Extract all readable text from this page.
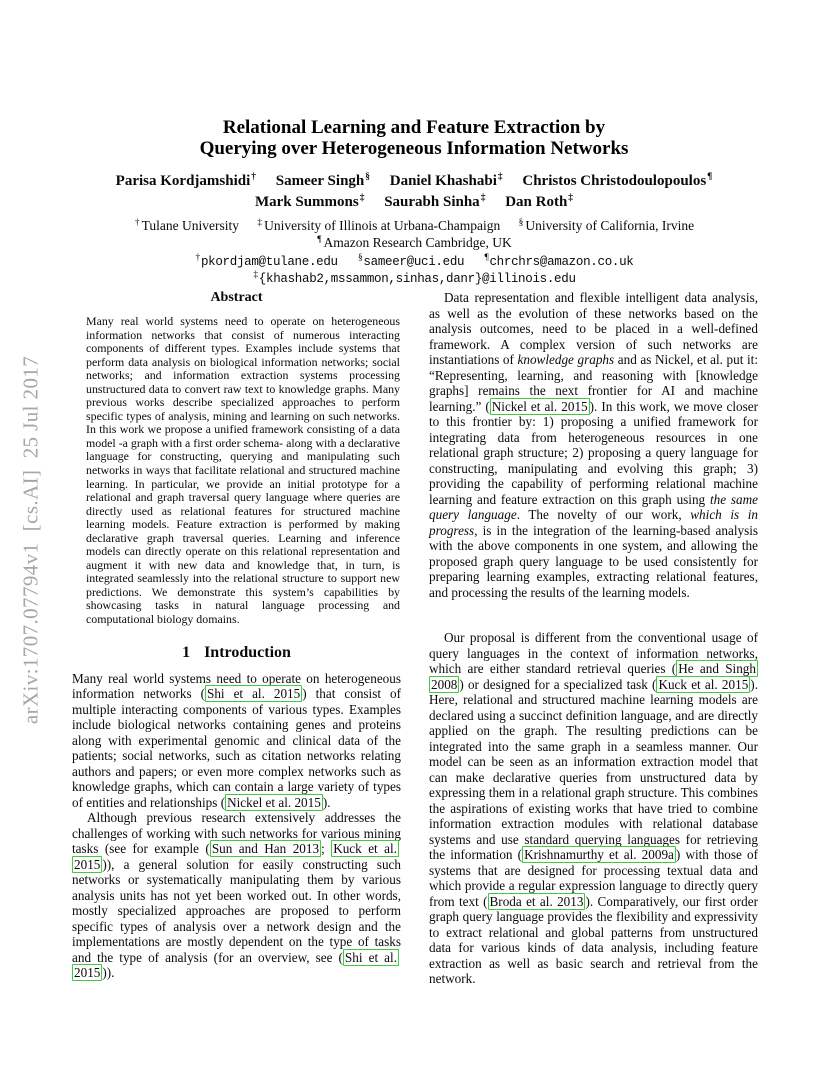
arXiv:1707.07794v1  [cs.AI]  25 Jul 2017
Relational Learning and Feature Extraction by
Querying over Heterogeneous Information Networks
Parisa Kordjamshidi† Sameer Singh§ Daniel Khashabi‡ Christos Christodoulopoulos¶
Mark Summons‡ Saurabh Sinha‡ Dan Roth‡
† Tulane University ‡ University of Illinois at Urbana-Champaign § University of California, Irvine
¶ Amazon Research Cambridge, UK
†pkordjam@tulane.edu §sameer@uci.edu ¶chrchrs@amazon.co.uk
‡{khashab2,mssammon,sinhas,danr}@illinois.edu
Abstract

Many real world systems need to operate on heterogeneous information networks that consist of numerous interacting components of different types. Examples include systems that perform data analysis on biological information networks; social networks; and information extraction systems processing unstructured data to convert raw text to knowledge graphs. Many previous works describe specialized approaches to perform specific types of analysis, mining and learning on such networks. In this work we propose a unified framework consisting of a data model -a graph with a first order schema- along with a declarative language for constructing, querying and manipulating such networks in ways that facilitate relational and structured machine learning. In particular, we provide an initial prototype for a relational and graph traversal query language where queries are directly used as relational features for structured machine learning models. Feature extraction is performed by making declarative graph traversal queries. Learning and inference models can directly operate on this relational representation and augment it with new data and knowledge that, in turn, is integrated seamlessly into the relational structure to support new predictions. We demonstrate this system’s capabilities by showcasing tasks in natural language processing and computational biology domains.

1 Introduction

Many real world systems need to operate on heterogeneous information networks ( Shi et al. 2015 ) that consist of multiple interacting components of various types. Examples include biological networks containing genes and proteins along with experimental genomic and clinical data of the patients; social networks, such as citation networks relating authors and papers; or even more complex networks such as knowledge graphs, which can contain a large variety of types of entities and relationships ( Nickel et al. 2015 ).

Although previous research extensively addresses the challenges of working with such networks for various mining tasks (see for example ( Sun and Han 2013 ; Kuck et al. 2015 )), a general solution for easily constructing such networks or systematically manipulating them by various analysis units has not yet been worked out. In other words, mostly specialized approaches are proposed to perform specific types of analysis over a network design and the implementations are mostly dependent on the type of tasks and the type of analysis (for an overview, see ( Shi et al. 2015 )).

Data representation and flexible intelligent data analysis, as well as the evolution of these networks based on the analysis outcomes, need to be placed in a well-defined framework. A complex version of such networks are instantiations of knowledge graphs and as Nickel, et al. put it: “Representing, learning, and reasoning with [knowledge graphs] remains the next frontier for AI and machine learning.” ( Nickel et al. 2015 ). In this work, we move closer to this frontier by: 1) proposing a unified framework for integrating data from heterogeneous resources in one relational graph structure; 2) proposing a query language for constructing, manipulating and evolving this graph; 3) providing the capability of performing relational machine learning and feature extraction on this graph using the same query language. The novelty of our work, which is in progress, is in the integration of the learning-based analysis with the above components in one system, and allowing the proposed graph query language to be used consistently for preparing learning examples, extracting relational features, and processing the results of the learning models.

Our proposal is different from the conventional usage of query languages in the context of information networks, which are either standard retrieval queries ( He and Singh 2008 ) or designed for a specialized task ( Kuck et al. 2015 ). Here, relational and structured machine learning models are declared using a succinct definition language, and are directly applied on the graph. The resulting predictions can be integrated into the same graph in a seamless manner. Our model can be seen as an information extraction model that can make declarative queries from unstructured data by expressing them in a relational graph structure. This combines the aspirations of existing works that have tried to combine information extraction modules with relational database systems and use standard querying languages for retrieving the information ( Krishnamurthy et al. 2009a ) with those of systems that are designed for processing textual data and which provide a regular expression language to directly query from text ( Broda et al. 2013 ). Comparatively, our first order graph query language provides the flexibility and expressivity to extract relational and global patterns from unstructured data for various kinds of data analysis, including feature extraction as well as basic search and retrieval from the network.
